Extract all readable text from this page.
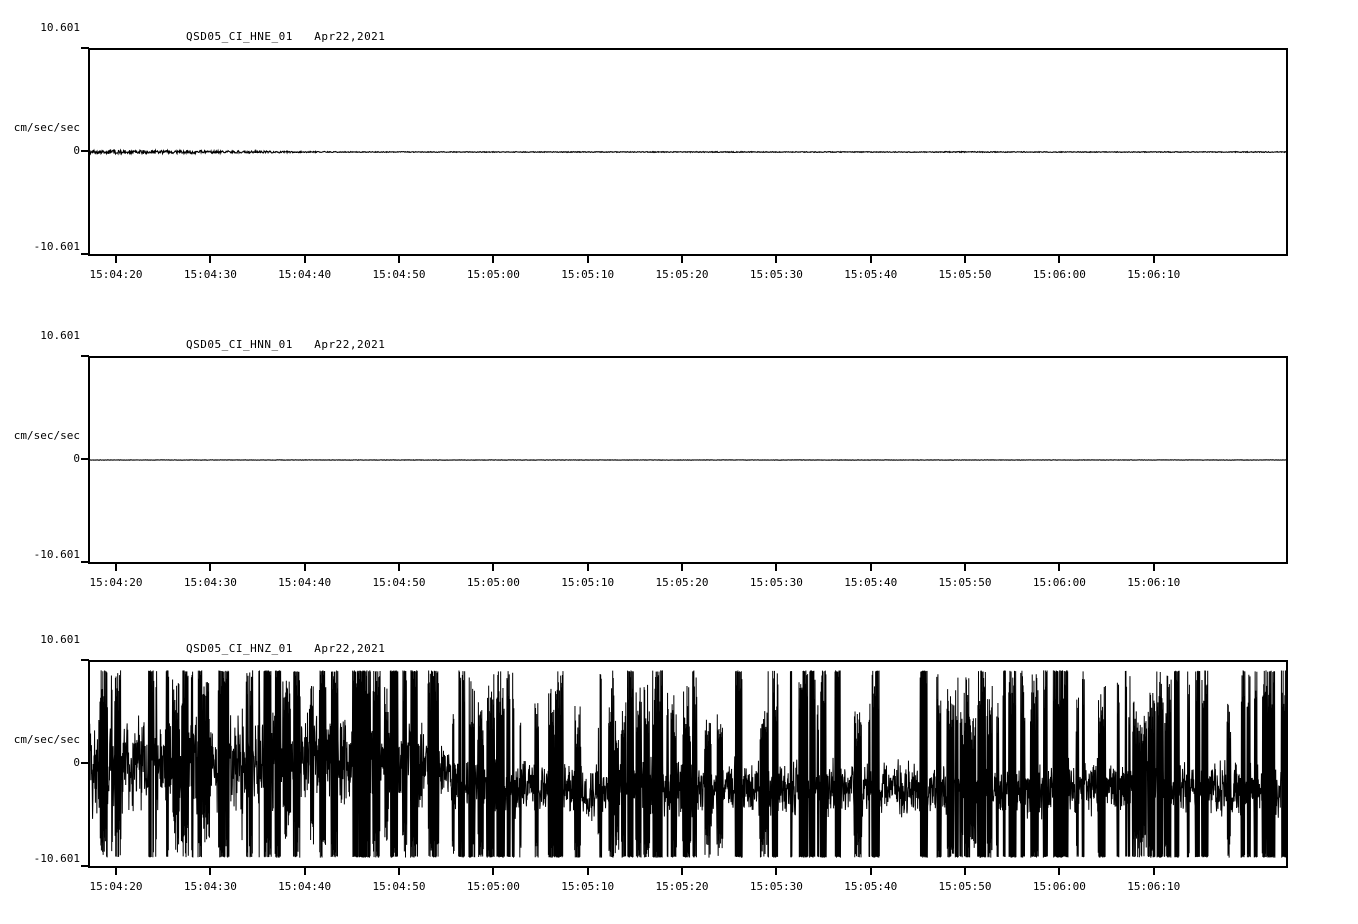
QSD05_CI_HNE_01   Apr22,2021
cm/sec/sec
10.601
0
-10.601
15:04:20	15:04:30	15:04:40	15:04:50	15:05:00	15:05:10	15:05:20	15:05:30	15:05:40	15:05:50	15:06:00	15:06:10
QSD05_CI_HNN_01   Apr22,2021
cm/sec/sec
10.601
0
-10.601
15:04:20	15:04:30	15:04:40	15:04:50	15:05:00	15:05:10	15:05:20	15:05:30	15:05:40	15:05:50	15:06:00	15:06:10
QSD05_CI_HNZ_01   Apr22,2021
cm/sec/sec
10.601
0
-10.601
15:04:20	15:04:30	15:04:40	15:04:50	15:05:00	15:05:10	15:05:20	15:05:30	15:05:40	15:05:50	15:06:00	15:06:10
